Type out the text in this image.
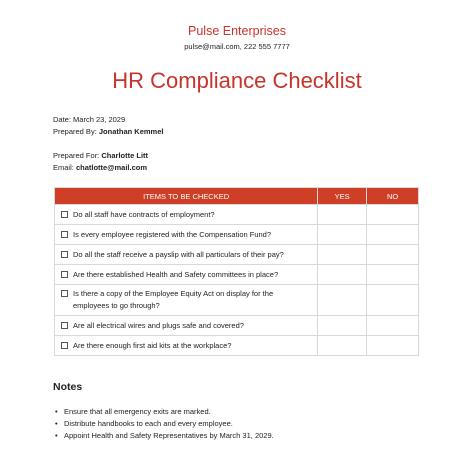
Pulse Enterprises
pulse@mail.com, 222 555 7777
HR Compliance Checklist
Date: March 23, 2029
Prepared By: Jonathan Kemmel
Prepared For: Charlotte Litt
Email: chatlotte@mail.com
ITEMS TO BE CHECKED	YES	NO
Do all staff have contracts of employment?		
Is every employee registered with the Compensation Fund?		
Do all the staff receive a payslip with all particulars of their pay?		
Are there established Health and Safety committees in place?		
Is there a copy of the Employee Equity Act on display for the employees to go through?		
Are all electrical wires and plugs safe and covered?		
Are there enough first aid kits at the workplace?		
Notes
• Ensure that all emergency exits are marked.
• Distribute handbooks to each and every employee.
• Appoint Health and Safety Representatives by March 31, 2029.
